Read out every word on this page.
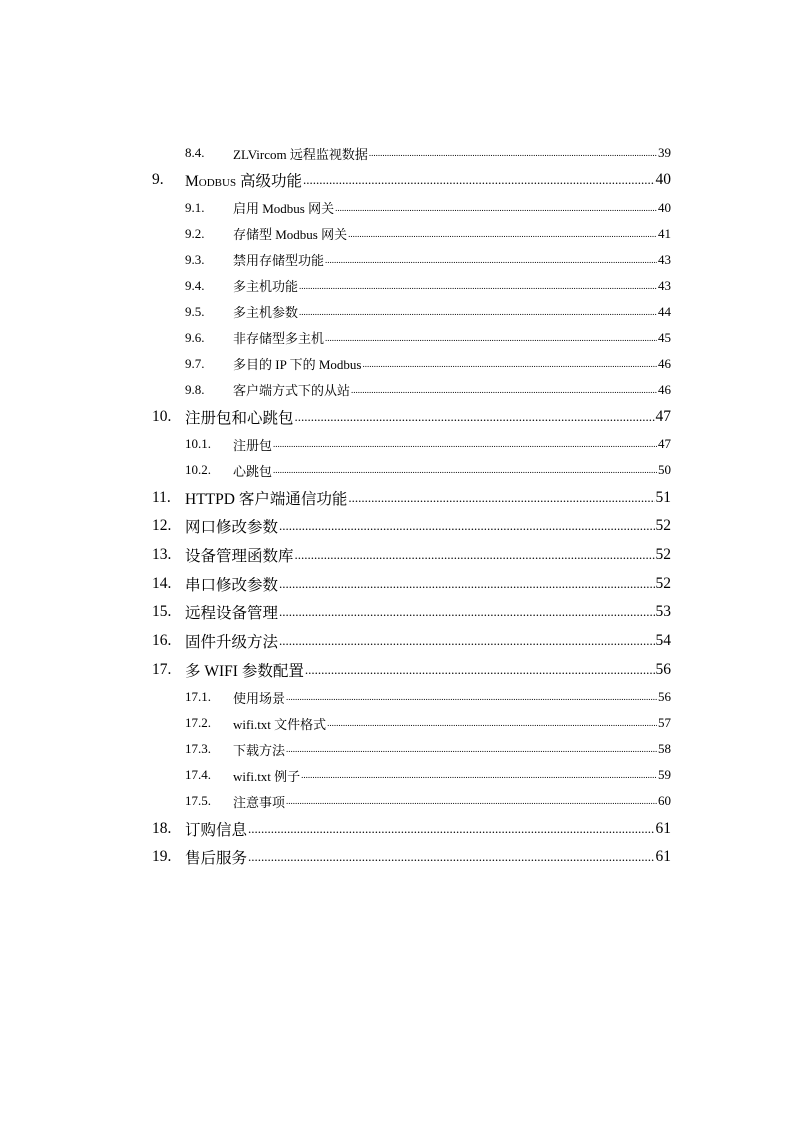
8.4.	ZLVircom 远程监视数据 .....	39
9.	Modbus 高级功能 .....	40
9.1.	启用 Modbus 网关 .....	40
9.2.	存储型 Modbus 网关 .....	41
9.3.	禁用存储型功能 .....	43
9.4.	多主机功能 .....	43
9.5.	多主机参数 .....	44
9.6.	非存储型多主机 .....	45
9.7.	多目的 IP 下的 Modbus .....	46
9.8.	客户端方式下的从站 .....	46
10. 注册包和心跳包 .....	47
10.1.	注册包 .....	47
10.2.	心跳包 .....	50
11. HTTPD 客户端通信功能 .....	51
12. 网口修改参数 .....	52
13. 设备管理函数库 .....	52
14. 串口修改参数 .....	52
15. 远程设备管理 .....	53
16. 固件升级方法 .....	54
17. 多 WIFI 参数配置 .....	56
17.1.	使用场景 .....	56
17.2.	wifi.txt 文件格式 .....	57
17.3.	下载方法 .....	58
17.4.	wifi.txt 例子 .....	59
17.5.	注意事项 .....	60
18. 订购信息 .....	61
19. 售后服务 .....	61
